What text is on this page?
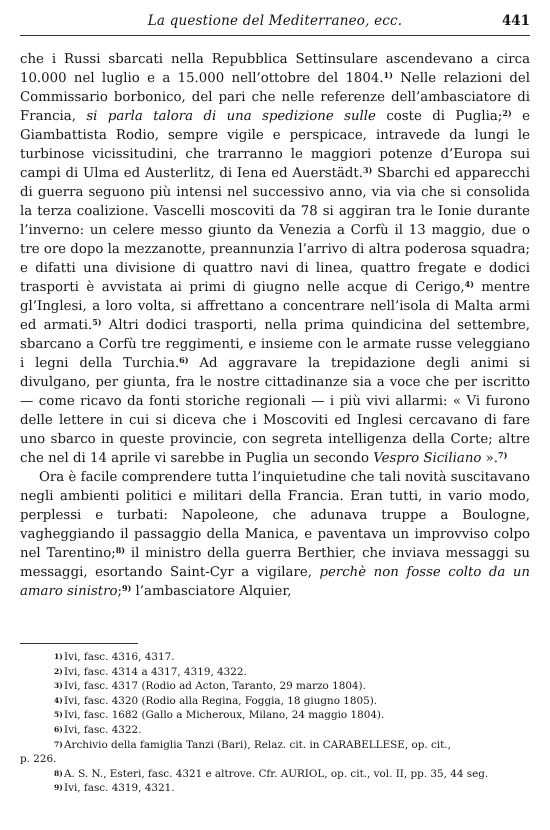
La questione del Mediterraneo, ecc.	441

che i Russi sbarcati nella Repubblica Settinsulare ascendevano a circa 10.000 nel luglio e a 15.000 nell’ottobre del 1804.$^{1)}$ Nelle relazioni del Commissario borbonico, del pari che nelle referenze dell’ambasciatore di Francia, si parla talora di una spedizione sulle coste di Puglia;$^{2)}$ e Giambattista Rodio, sempre vigile e perspicace, intravede da lungi le turbinose vicissitudini, che trarranno le maggiori potenze d’Europa sui campi di Ulma ed Austerlitz, di Iena ed Auerstädt.$^{3)}$ Sbarchi ed apparecchi di guerra seguono più intensi nel successivo anno, via via che si consolida la terza coalizione. Vascelli moscoviti da 78 si aggiran tra le Ionie durante l’inverno: un celere messo giunto da Venezia a Corfù il 13 maggio, due o tre ore dopo la mezzanotte, preannunzia l’arrivo di altra poderosa squadra; e difatti una divisione di quattro navi di linea, quattro fregate e dodici trasporti è avvistata ai primi di giugno nelle acque di Cerigo,$^{4)}$ mentre gl’Inglesi, a loro volta, si affrettano a concentrare nell’isola di Malta armi ed armati.$^{5)}$ Altri dodici trasporti, nella prima quindicina del settembre, sbarcano a Corfù tre reggimenti, e insieme con le armate russe veleggiano i legni della Turchia.$^{6)}$ Ad aggravare la trepidazione degli animi si divulgano, per giunta, fra le nostre cittadinanze sia a voce che per iscritto — come ricavo da fonti storiche regionali — i più vivi allarmi: « Vi furono delle lettere in cui si diceva che i Moscoviti ed Inglesi cercavano di fare uno sbarco in queste provincie, con segreta intelligenza della Corte; altre che nel di 14 aprile vi sarebbe in Puglia un secondo Vespro Siciliano ».$^{7)}$

Ora è facile comprendere tutta l’inquietudine che tali novità suscitavano negli ambienti politici e militari della Francia. Eran tutti, in vario modo, perplessi e turbati: Napoleone, che adunava truppe a Boulogne, vagheggiando il passaggio della Manica, e paventava un improvviso colpo nel Tarentino;$^{8)}$ il ministro della guerra Berthier, che inviava messaggi su messaggi, esortando Saint-Cyr a vigilare, perchè non fosse colto da un amaro sinistro;$^{9)}$ l’ambasciatore Alquier,

1) Ivi, fasc. 4316, 4317.
2) Ivi, fasc. 4314 a 4317, 4319, 4322.
3) Ivi, fasc. 4317 (Rodio ad Acton, Taranto, 29 marzo 1804).
4) Ivi, fasc. 4320 (Rodio alla Regina, Foggia, 18 giugno 1805).
5) Ivi, fasc. 1682 (Gallo a Micheroux, Milano, 24 maggio 1804).
6) Ivi, fasc. 4322.
7) Archivio della famiglia Tanzi (Bari), Relaz. cit. in CARABELLESE, op. cit.,
p. 226.
8) A. S. N., Esteri, fasc. 4321 e altrove. Cfr. AURIOL, op. cit., vol. II, pp. 35, 44 seg.
9) Ivi, fasc. 4319, 4321.
